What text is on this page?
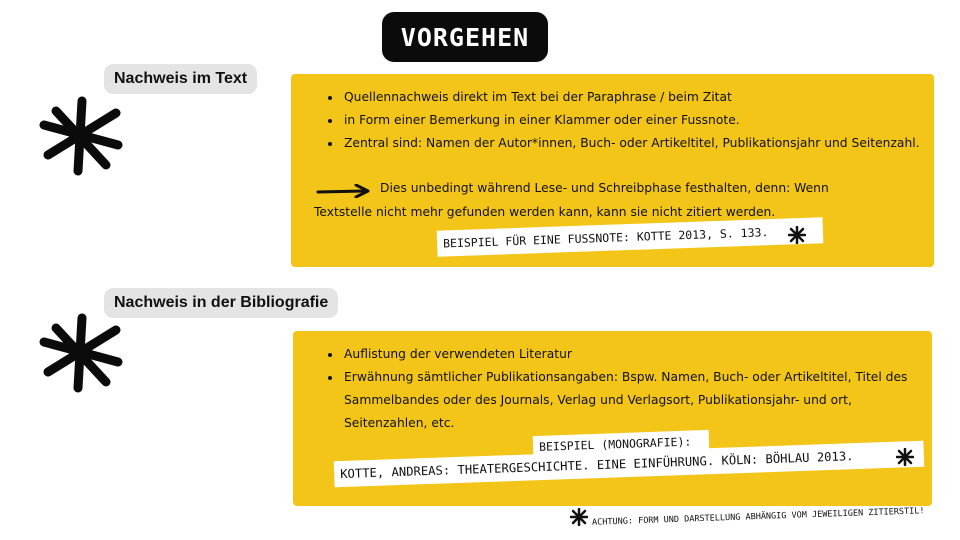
VORGEHEN
Nachweis im Text
• Quellennachweis direkt im Text bei der Paraphrase / beim Zitat
• in Form einer Bemerkung in einer Klammer oder einer Fussnote.
• Zentral sind: Namen der Autor*innen, Buch- oder Artikeltitel, Publikationsjahr und Seitenzahl.
Dies unbedingt während Lese- und Schreibphase festhalten, denn: Wenn
Textstelle nicht mehr gefunden werden kann, kann sie nicht zitiert werden.
BEISPIEL FÜR EINE FUSSNOTE: KOTTE 2013, S. 133.
Nachweis in der Bibliografie
• Auflistung der verwendeten Literatur
• Erwähnung sämtlicher Publikationsangaben: Bspw. Namen, Buch- oder Artikeltitel, Titel des Sammelbandes oder des Journals, Verlag und Verlagsort, Publikationsjahr- und ort, Seitenzahlen, etc.
BEISPIEL (MONOGRAFIE):
KOTTE, ANDREAS: THEATERGESCHICHTE. EINE EINFÜHRUNG. KÖLN: BÖHLAU 2013.
ACHTUNG: FORM UND DARSTELLUNG ABHÄNGIG VOM JEWEILIGEN ZITIERSTIL!
